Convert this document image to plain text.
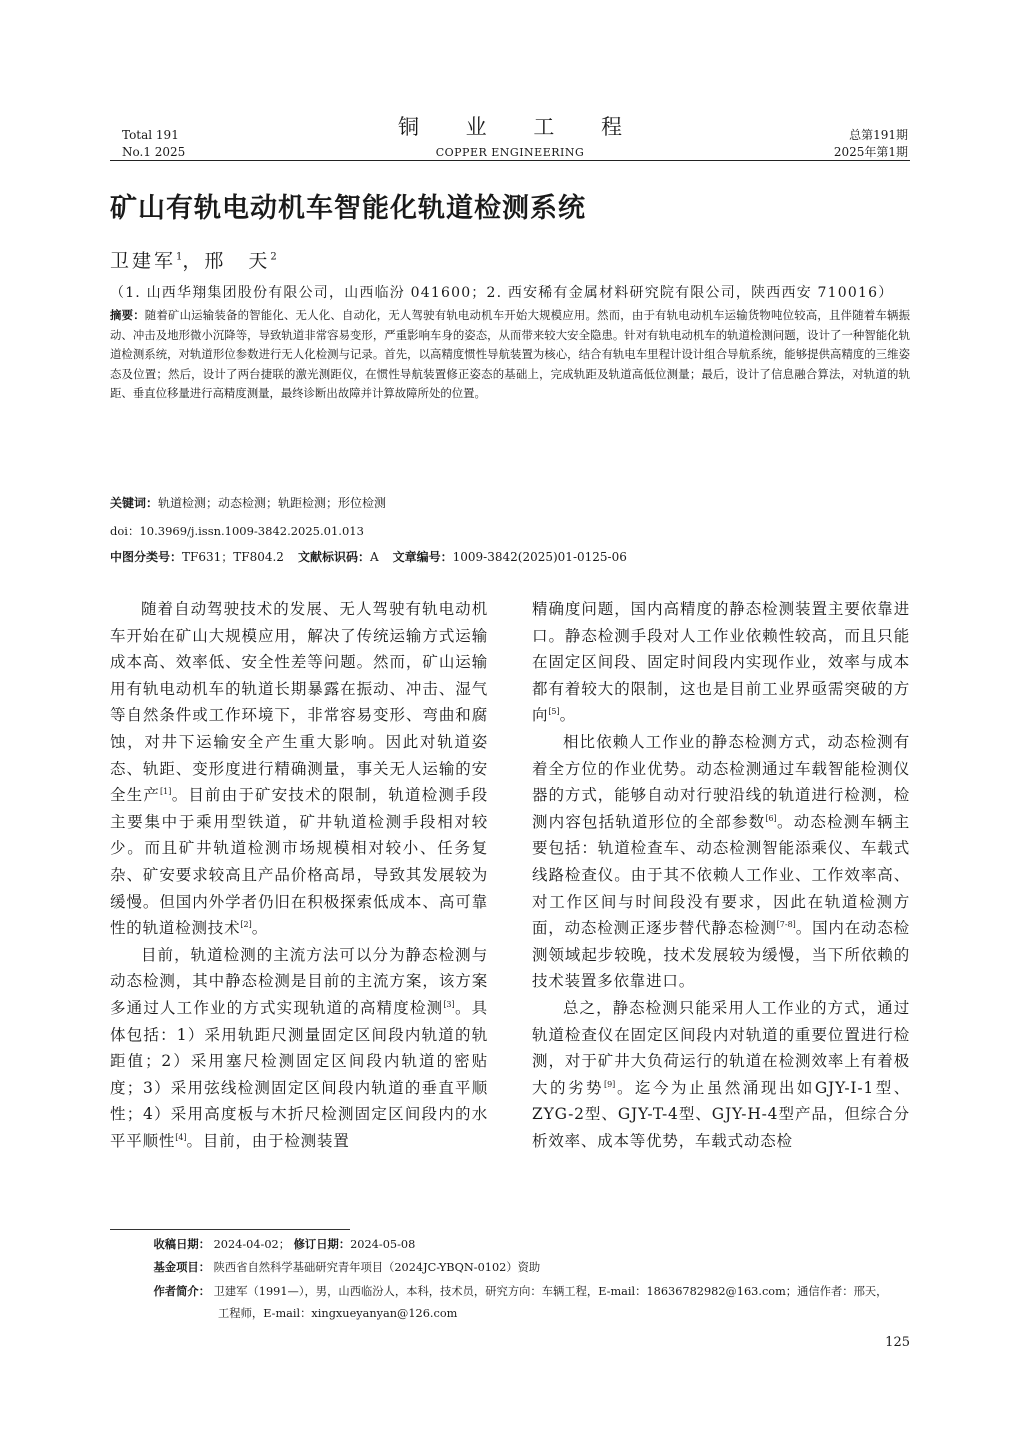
Total 191
No.1 2025
铜 业 工 程
COPPER ENGINEERING
总第191期
2025年第1期
矿山有轨电动机车智能化轨道检测系统
卫建军$^1$，邢　天$^2$
（1. 山西华翔集团股份有限公司，山西临汾 041600；2. 西安稀有金属材料研究院有限公司，陕西西安 710016）
摘要：随着矿山运输装备的智能化、无人化、自动化，无人驾驶有轨电动机车开始大规模应用。然而，由于有轨电动机车运输货物吨位较高，且伴随着车辆振动、冲击及地形微小沉降等，导致轨道非常容易变形，严重影响车身的姿态，从而带来较大安全隐患。针对有轨电动机车的轨道检测问题，设计了一种智能化轨道检测系统，对轨道形位参数进行无人化检测与记录。首先，以高精度惯性导航装置为核心，结合有轨电车里程计设计组合导航系统，能够提供高精度的三维姿态及位置；然后，设计了两台捷联的激光测距仪，在惯性导航装置修正姿态的基础上，完成轨距及轨道高低位测量；最后，设计了信息融合算法，对轨道的轨距、垂直位移量进行高精度测量，最终诊断出故障并计算故障所处的位置。
关键词：轨道检测；动态检测；轨距检测；形位检测
doi：10.3969/j.issn.1009-3842.2025.01.013
中图分类号：TF631；TF804.2 文献标识码：A 文章编号：1009-3842(2025)01-0125-06

随着自动驾驶技术的发展、无人驾驶有轨电动机车开始在矿山大规模应用，解决了传统运输方式运输成本高、效率低、安全性差等问题。然而，矿山运输用有轨电动机车的轨道长期暴露在振动、冲击、湿气等自然条件或工作环境下，非常容易变形、弯曲和腐蚀，对井下运输安全产生重大影响。因此对轨道姿态、轨距、变形度进行精确测量，事关无人运输的安全生产[1]。目前由于矿安技术的限制，轨道检测手段主要集中于乘用型铁道，矿井轨道检测手段相对较少。而且矿井轨道检测市场规模相对较小、任务复杂、矿安要求较高且产品价格高昂，导致其发展较为缓慢。但国内外学者仍旧在积极探索低成本、高可靠性的轨道检测技术[2]。

目前，轨道检测的主流方法可以分为静态检测与动态检测，其中静态检测是目前的主流方案，该方案多通过人工作业的方式实现轨道的高精度检测[3]。具体包括：1）采用轨距尺测量固定区间段内轨道的轨距值；2）采用塞尺检测固定区间段内轨道的密贴度；3）采用弦线检测固定区间段内轨道的垂直平顺性；4）采用高度板与木折尺检测固定区间段内的水平平顺性[4]。目前，由于检测装置

精确度问题，国内高精度的静态检测装置主要依靠进口。静态检测手段对人工作业依赖性较高，而且只能在固定区间段、固定时间段内实现作业，效率与成本都有着较大的限制，这也是目前工业界亟需突破的方向[5]。

相比依赖人工作业的静态检测方式，动态检测有着全方位的作业优势。动态检测通过车载智能检测仪器的方式，能够自动对行驶沿线的轨道进行检测，检测内容包括轨道形位的全部参数[6]。动态检测车辆主要包括：轨道检查车、动态检测智能添乘仪、车载式线路检查仪。由于其不依赖人工作业、工作效率高、对工作区间与时间段没有要求，因此在轨道检测方面，动态检测正逐步替代静态检测[7-8]。国内在动态检测领域起步较晚，技术发展较为缓慢，当下所依赖的技术装置多依靠进口。

总之，静态检测只能采用人工作业的方式，通过轨道检查仪在固定区间段内对轨道的重要位置进行检测，对于矿井大负荷运行的轨道在检测效率上有着极大的劣势[9]。迄今为止虽然涌现出如GJY-I-1型、ZYG-2型、GJY-T-4型、GJY-H-4型产品，但综合分析效率、成本等优势，车载式动态检

收稿日期： 2024-04-02； 修订日期：2024-05-08
基金项目： 陕西省自然科学基础研究青年项目（2024JC-YBQN-0102）资助
作者简介： 卫建军（1991—），男，山西临汾人，本科，技术员，研究方向：车辆工程，E-mail：18636782982@163.com；通信作者：邢天，
工程师，E-mail：xingxueyanyan@126.com
125
